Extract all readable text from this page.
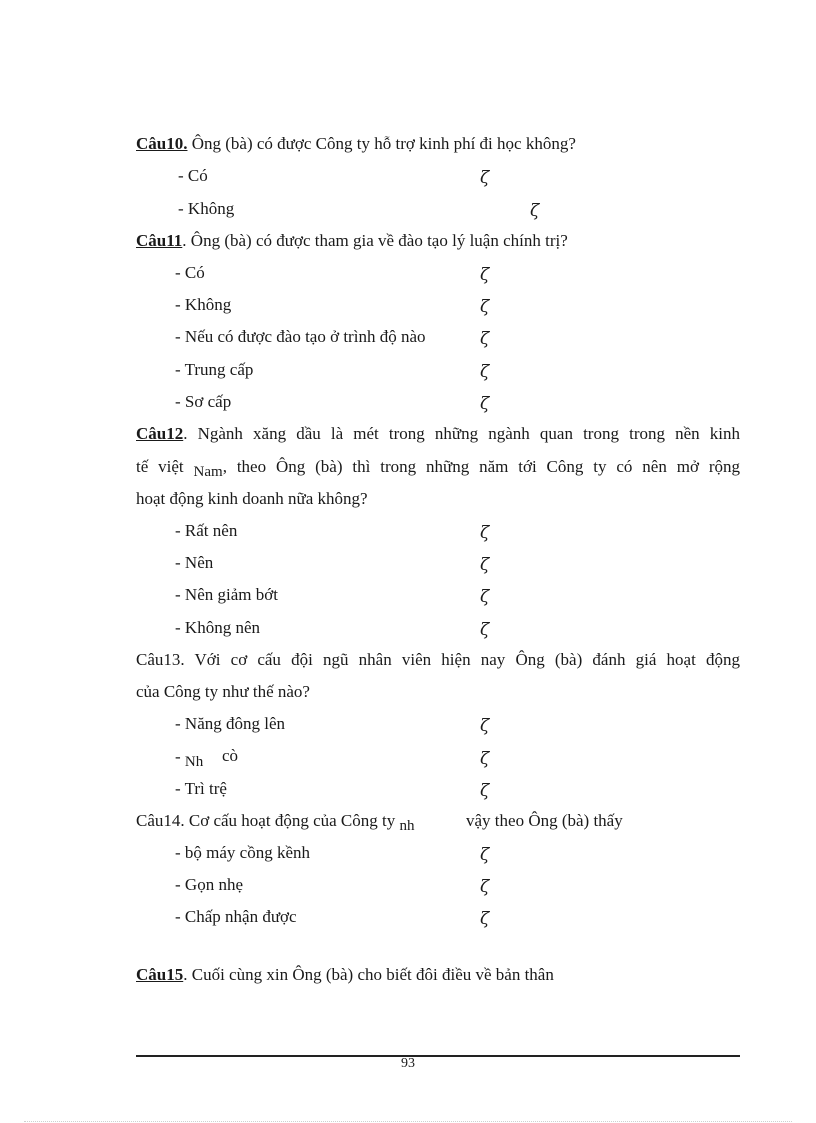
Câu10. Ông (bà) có được Công ty hỗ trợ kinh phí đi học không?
- Có	ζ
- Không	ζ
Câu11. Ông (bà) có được tham gia về đào tạo lý luận chính trị?
- Có	ζ
- Không	ζ
- Nếu có được đào tạo ở trình độ nào	ζ
- Trung cấp	ζ
- Sơ cấp	ζ
Câu12. Ngành xăng dầu là mét trong những ngành quan trong trong nền kinh
tế việt Nam, theo Ông (bà) thì trong những năm tới Công ty có nên mở rộng
hoạt động kinh doanh nữa không?
- Rất nên	ζ
- Nên	ζ
- Nên giảm bớt	ζ
- Không nên	ζ
Câu13. Với cơ cấu đội ngũ nhân viên hiện nay Ông (bà) đánh giá hoạt động
của Công ty như thế nào?
- Năng đông lên	ζ
- Nh cò	ζ
- Trì trệ	ζ
Câu14. Cơ cấu hoạt động của Công ty nh	vậy theo Ông (bà) thấy
- bộ máy cồng kềnh	ζ
- Gọn nhẹ	ζ
- Chấp nhận được	ζ
Câu15. Cuối cùng xin Ông (bà) cho biết đôi điều về bản thân
93
